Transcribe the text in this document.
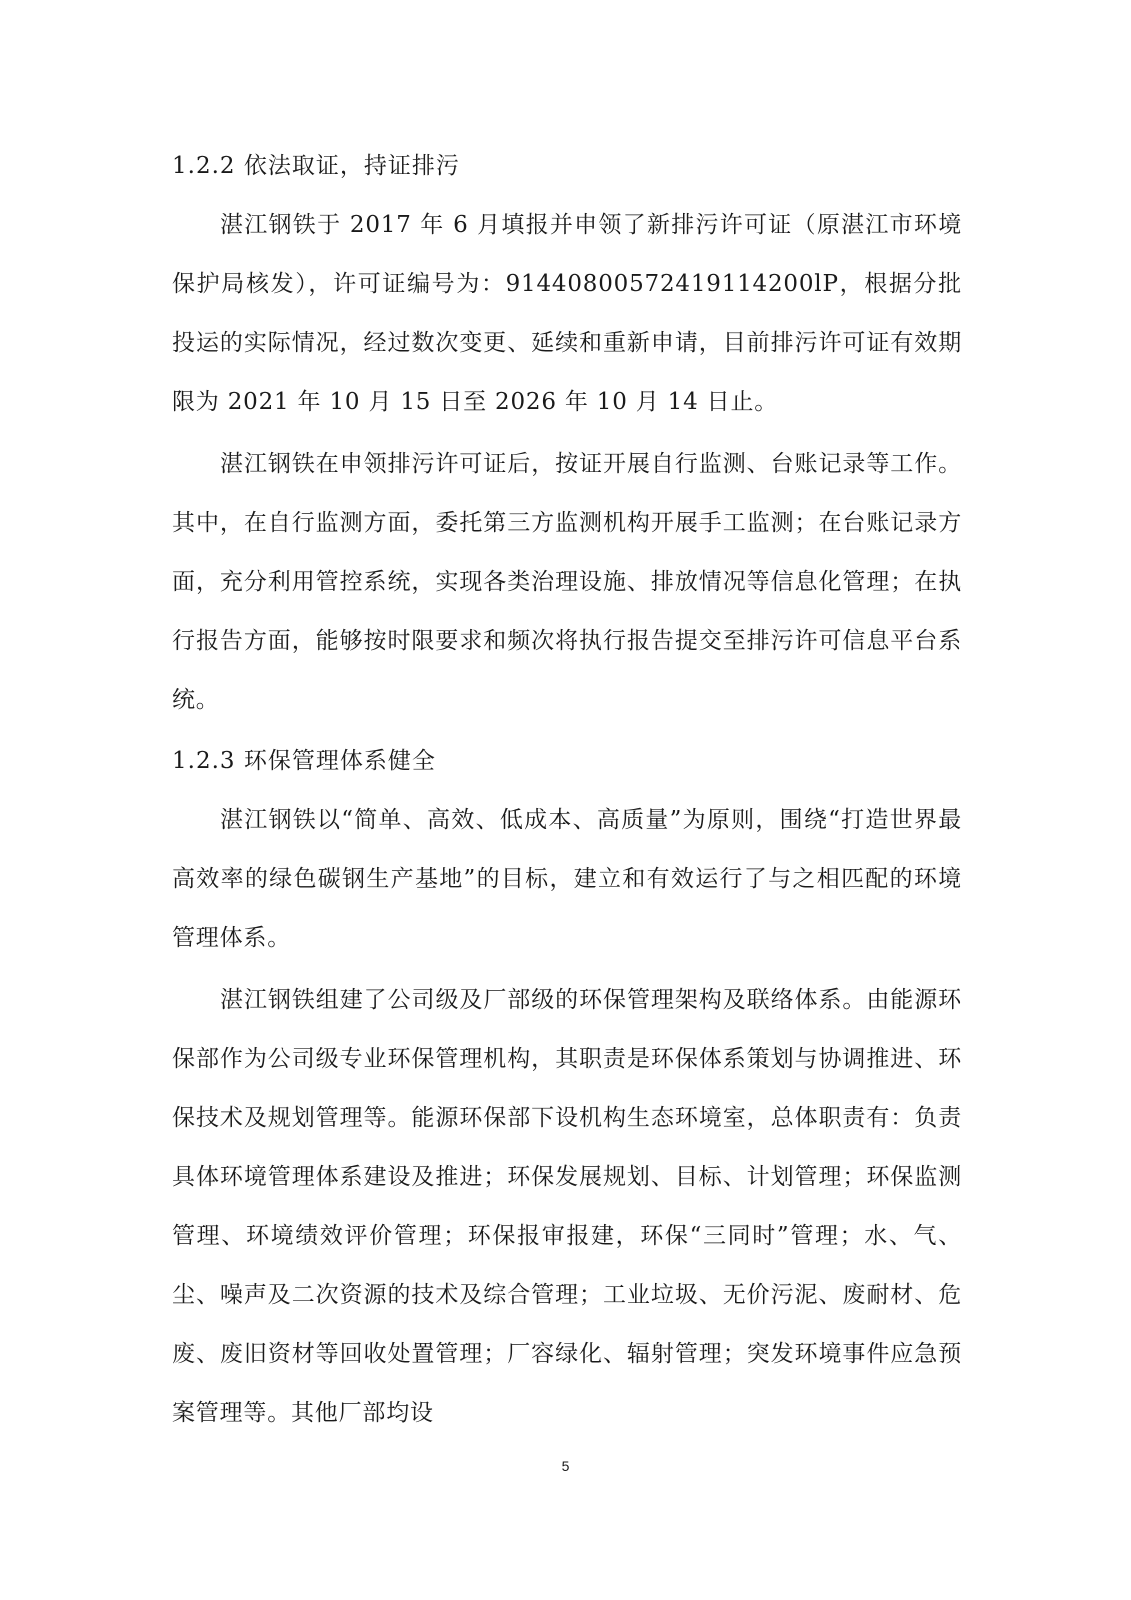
1.2.2 依法取证，持证排污

湛江钢铁于 2017 年 6 月填报并申领了新排污许可证（原湛江市环境保护局核发），许可证编号为：91440800572419114200lP，根据分批投运的实际情况，经过数次变更、延续和重新申请，目前排污许可证有效期限为 2021 年 10 月 15 日至 2026 年 10 月 14 日止。

湛江钢铁在申领排污许可证后，按证开展自行监测、台账记录等工作。其中，在自行监测方面，委托第三方监测机构开展手工监测；在台账记录方面，充分利用管控系统，实现各类治理设施、排放情况等信息化管理；在执行报告方面，能够按时限要求和频次将执行报告提交至排污许可信息平台系统。

1.2.3 环保管理体系健全

湛江钢铁以“简单、高效、低成本、高质量”为原则，围绕“打造世界最高效率的绿色碳钢生产基地”的目标，建立和有效运行了与之相匹配的环境管理体系。

湛江钢铁组建了公司级及厂部级的环保管理架构及联络体系。由能源环保部作为公司级专业环保管理机构，其职责是环保体系策划与协调推进、环保技术及规划管理等。能源环保部下设机构生态环境室，总体职责有：负责具体环境管理体系建设及推进；环保发展规划、目标、计划管理；环保监测管理、环境绩效评价管理；环保报审报建，环保“三同时”管理；水、气、尘、噪声及二次资源的技术及综合管理；工业垃圾、无价污泥、废耐材、危废、废旧资材等回收处置管理；厂容绿化、辐射管理；突发环境事件应急预案管理等。其他厂部均设

5
